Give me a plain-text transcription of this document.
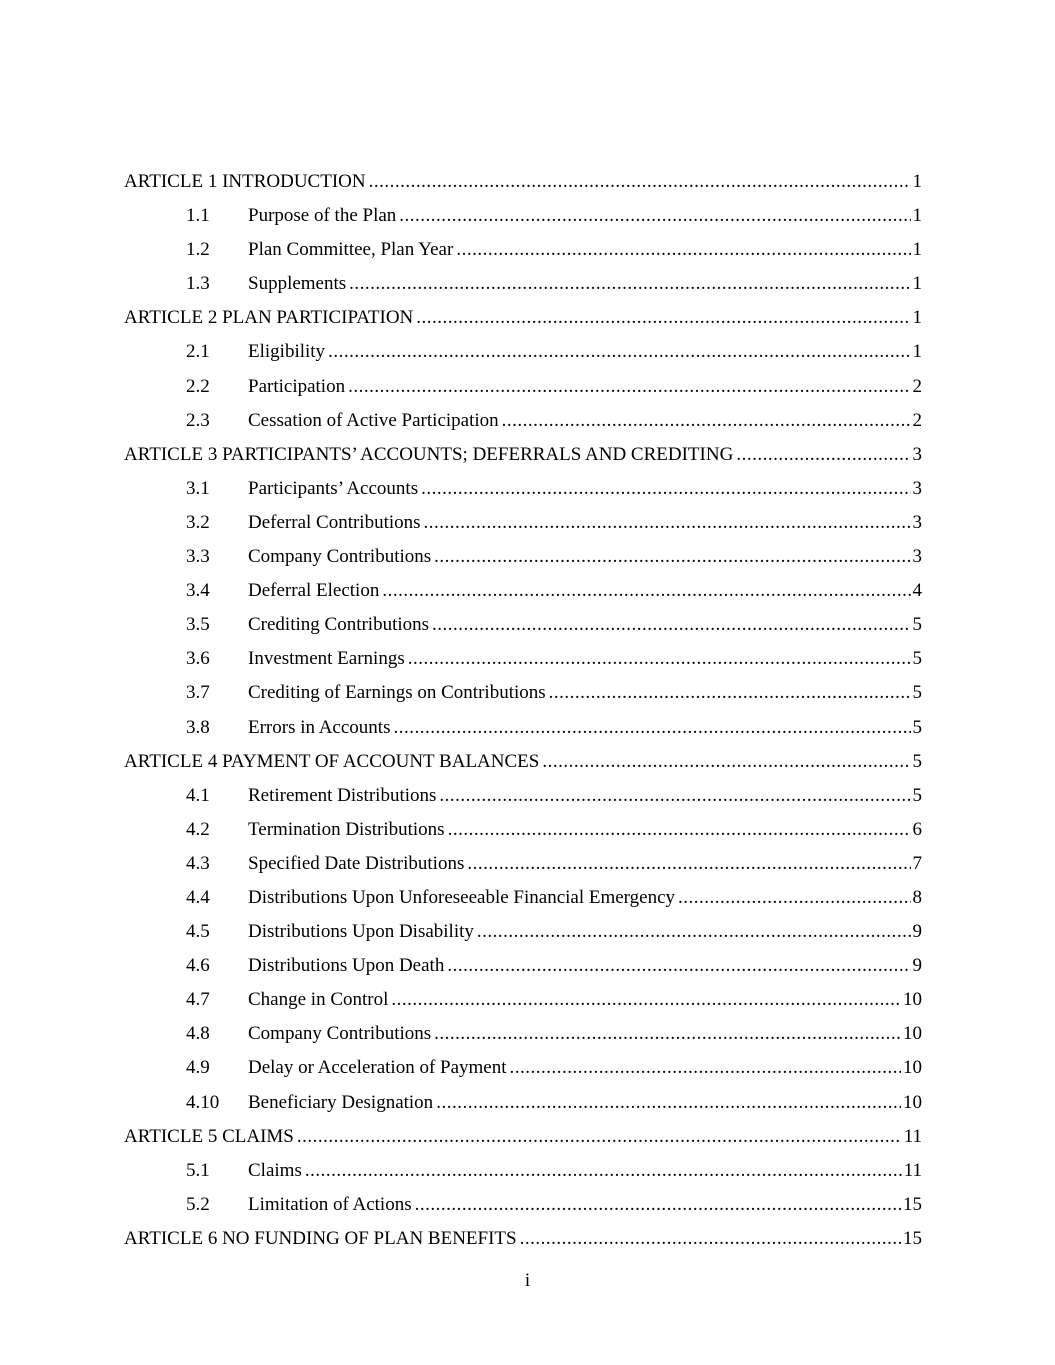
ARTICLE 1 INTRODUCTION .....	1
1.1	Purpose of the Plan .....	1
1.2	Plan Committee, Plan Year .....	1
1.3	Supplements .....	1
ARTICLE 2 PLAN PARTICIPATION .....	1
2.1	Eligibility .....	1
2.2	Participation .....	2
2.3	Cessation of Active Participation .....	2
ARTICLE 3 PARTICIPANTS’ ACCOUNTS; DEFERRALS AND CREDITING .....	3
3.1	Participants’ Accounts .....	3
3.2	Deferral Contributions .....	3
3.3	Company Contributions .....	3
3.4	Deferral Election .....	4
3.5	Crediting Contributions .....	5
3.6	Investment Earnings .....	5
3.7	Crediting of Earnings on Contributions .....	5
3.8	Errors in Accounts .....	5
ARTICLE 4 PAYMENT OF ACCOUNT BALANCES .....	5
4.1	Retirement Distributions .....	5
4.2	Termination Distributions .....	6
4.3	Specified Date Distributions .....	7
4.4	Distributions Upon Unforeseeable Financial Emergency .....	8
4.5	Distributions Upon Disability .....	9
4.6	Distributions Upon Death .....	9
4.7	Change in Control .....	10
4.8	Company Contributions .....	10
4.9	Delay or Acceleration of Payment .....	10
4.10	Beneficiary Designation .....	10
ARTICLE 5 CLAIMS .....	11
5.1	Claims .....	11
5.2	Limitation of Actions .....	15
ARTICLE 6 NO FUNDING OF PLAN BENEFITS .....	15
i
